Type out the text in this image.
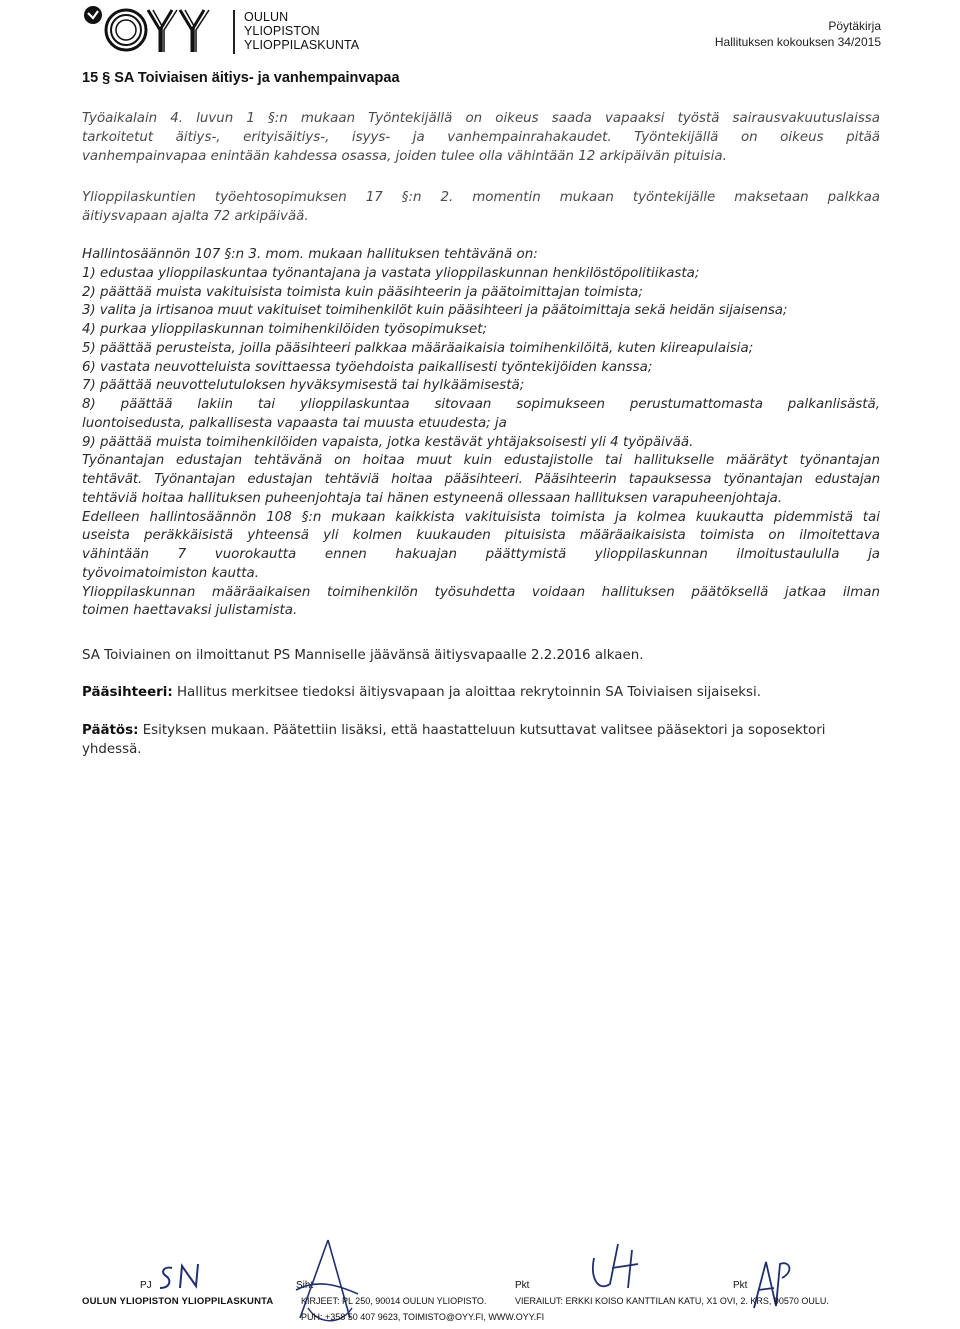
OULUN
YLIOPISTON
YLIOPPILASKUNTA
Pöytäkirja
Hallituksen kokouksen 34/2015
15 § SA Toiviaisen äitiys- ja vanhempainvapaa
Työaikalain 4. luvun 1 §:n mukaan Työntekijällä on oikeus saada vapaaksi työstä sairausvakuutuslaissa
tarkoitetut äitiys-, erityisäitiys-, isyys- ja vanhempainrahakaudet. Työntekijällä on oikeus pitää
vanhempainvapaa enintään kahdessa osassa, joiden tulee olla vähintään 12 arkipäivän pituisia.
Ylioppilaskuntien työehtosopimuksen 17 §:n 2. momentin mukaan työntekijälle maksetaan palkkaa
äitiysvapaan ajalta 72 arkipäivää.
Hallintosäännön 107 §:n 3. mom. mukaan hallituksen tehtävänä on:
1) edustaa ylioppilaskuntaa työnantajana ja vastata ylioppilaskunnan henkilöstöpolitiikasta;
2) päättää muista vakituisista toimista kuin pääsihteerin ja päätoimittajan toimista;
3) valita ja irtisanoa muut vakituiset toimihenkilöt kuin pääsihteeri ja päätoimittaja sekä heidän sijaisensa;
4) purkaa ylioppilaskunnan toimihenkilöiden työsopimukset;
5) päättää perusteista, joilla pääsihteeri palkkaa määräaikaisia toimihenkilöitä, kuten kiireapulaisia;
6) vastata neuvotteluista sovittaessa työehdoista paikallisesti työntekijöiden kanssa;
7) päättää neuvottelutuloksen hyväksymisestä tai hylkäämisestä;
8) päättää lakiin tai ylioppilaskuntaa sitovaan sopimukseen perustumattomasta palkanlisästä,
luontoisedusta, palkallisesta vapaasta tai muusta etuudesta; ja
9) päättää muista toimihenkilöiden vapaista, jotka kestävät yhtäjaksoisesti yli 4 työpäivää.
Työnantajan edustajan tehtävänä on hoitaa muut kuin edustajistolle tai hallitukselle määrätyt työnantajan
tehtävät. Työnantajan edustajan tehtäviä hoitaa pääsihteeri. Pääsihteerin tapauksessa työnantajan edustajan
tehtäviä hoitaa hallituksen puheenjohtaja tai hänen estyneenä ollessaan hallituksen varapuheenjohtaja.
Edelleen hallintosäännön 108 §:n mukaan kaikkista vakituisista toimista ja kolmea kuukautta pidemmistä tai
useista peräkkäisistä yhteensä yli kolmen kuukauden pituisista määräaikaisista toimista on ilmoitettava
vähintään 7 vuorokautta ennen hakuajan päättymistä ylioppilaskunnan ilmoitustaululla ja
työvoimatoimiston kautta.
Ylioppilaskunnan määräaikaisen toimihenkilön työsuhdetta voidaan hallituksen päätöksellä jatkaa ilman
toimen haettavaksi julistamista.
SA Toiviainen on ilmoittanut PS Manniselle jäävänsä äitiysvapaalle 2.2.2016 alkaen.
Pääsihteeri: Hallitus merkitsee tiedoksi äitiysvapaan ja aloittaa rekrytoinnin SA Toiviaisen sijaiseksi.
Päätös: Esityksen mukaan. Päätettiin lisäksi, että haastatteluun kutsuttavat valitsee pääsektori ja soposektori
yhdessä.
PJ	Siht	Pkt	Pkt
OULUN YLIOPISTON YLIOPPILASKUNTA	KIRJEET: PL 250, 90014 OULUN YLIOPISTO.	VIERAILUT: ERKKI KOISO KANTTILAN KATU, X1 OVI, 2. KRS, 90570 OULU.
PUH: +358 50 407 9623, TOIMISTO@OYY.FI, WWW.OYY.FI
